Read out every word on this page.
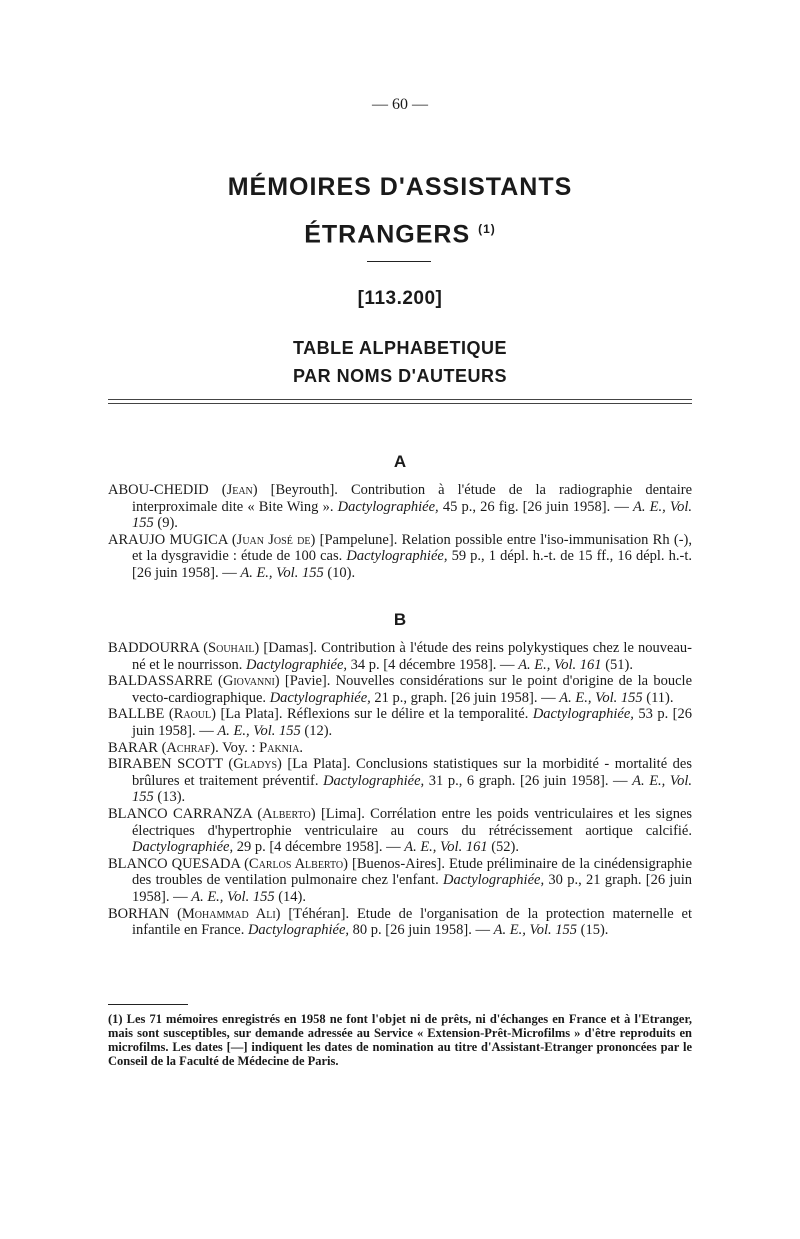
— 60 —
MÉMOIRES D'ASSISTANTS
ÉTRANGERS $^{(1)}$
[113.200]
TABLE ALPHABETIQUE
PAR NOMS D'AUTEURS
A

ABOU-CHEDID (Jean) [Beyrouth]. Contribution à l'étude de la radiographie dentaire interproximale dite « Bite Wing ». Dactylographiée, 45 p., 26 fig. [26 juin 1958]. — A. E., Vol. 155 (9).

ARAUJO MUGICA (Juan José de) [Pampelune]. Relation possible entre l'iso-immunisation Rh (-), et la dysgravidie : étude de 100 cas. Dactylographiée, 59 p., 1 dépl. h.-t. de 15 ff., 16 dépl. h.-t. [26 juin 1958]. — A. E., Vol. 155 (10).

B

BADDOURRA (Souhail) [Damas]. Contribution à l'étude des reins polykystiques chez le nouveau-né et le nourrisson. Dactylographiée, 34 p. [4 décembre 1958]. — A. E., Vol. 161 (51).

BALDASSARRE (Giovanni) [Pavie]. Nouvelles considérations sur le point d'origine de la boucle vecto-cardiographique. Dactylographiée, 21 p., graph. [26 juin 1958]. — A. E., Vol. 155 (11).

BALLBE (Raoul) [La Plata]. Réflexions sur le délire et la temporalité. Dactylographiée, 53 p. [26 juin 1958]. — A. E., Vol. 155 (12).

BARAR (Achraf). Voy. : Paknia.

BIRABEN SCOTT (Gladys) [La Plata]. Conclusions statistiques sur la morbidité - mortalité des brûlures et traitement préventif. Dactylographiée, 31 p., 6 graph. [26 juin 1958]. — A. E., Vol. 155 (13).

BLANCO CARRANZA (Alberto) [Lima]. Corrélation entre les poids ventriculaires et les signes électriques d'hypertrophie ventriculaire au cours du rétrécissement aortique calcifié. Dactylographiée, 29 p. [4 décembre 1958]. — A. E., Vol. 161 (52).

BLANCO QUESADA (Carlos Alberto) [Buenos-Aires]. Etude préliminaire de la cinédensigraphie des troubles de ventilation pulmonaire chez l'enfant. Dactylographiée, 30 p., 21 graph. [26 juin 1958]. — A. E., Vol. 155 (14).

BORHAN (Mohammad Ali) [Téhéran]. Etude de l'organisation de la protection maternelle et infantile en France. Dactylographiée, 80 p. [26 juin 1958]. — A. E., Vol. 155 (15).

(1) Les 71 mémoires enregistrés en 1958 ne font l'objet ni de prêts, ni d'échanges en France et à l'Etranger, mais sont susceptibles, sur demande adressée au Service « Extension-Prêt-Microfilms » d'être reproduits en microfilms. Les dates [—] indiquent les dates de nomination au titre d'Assistant-Etranger prononcées par le Conseil de la Faculté de Médecine de Paris.
